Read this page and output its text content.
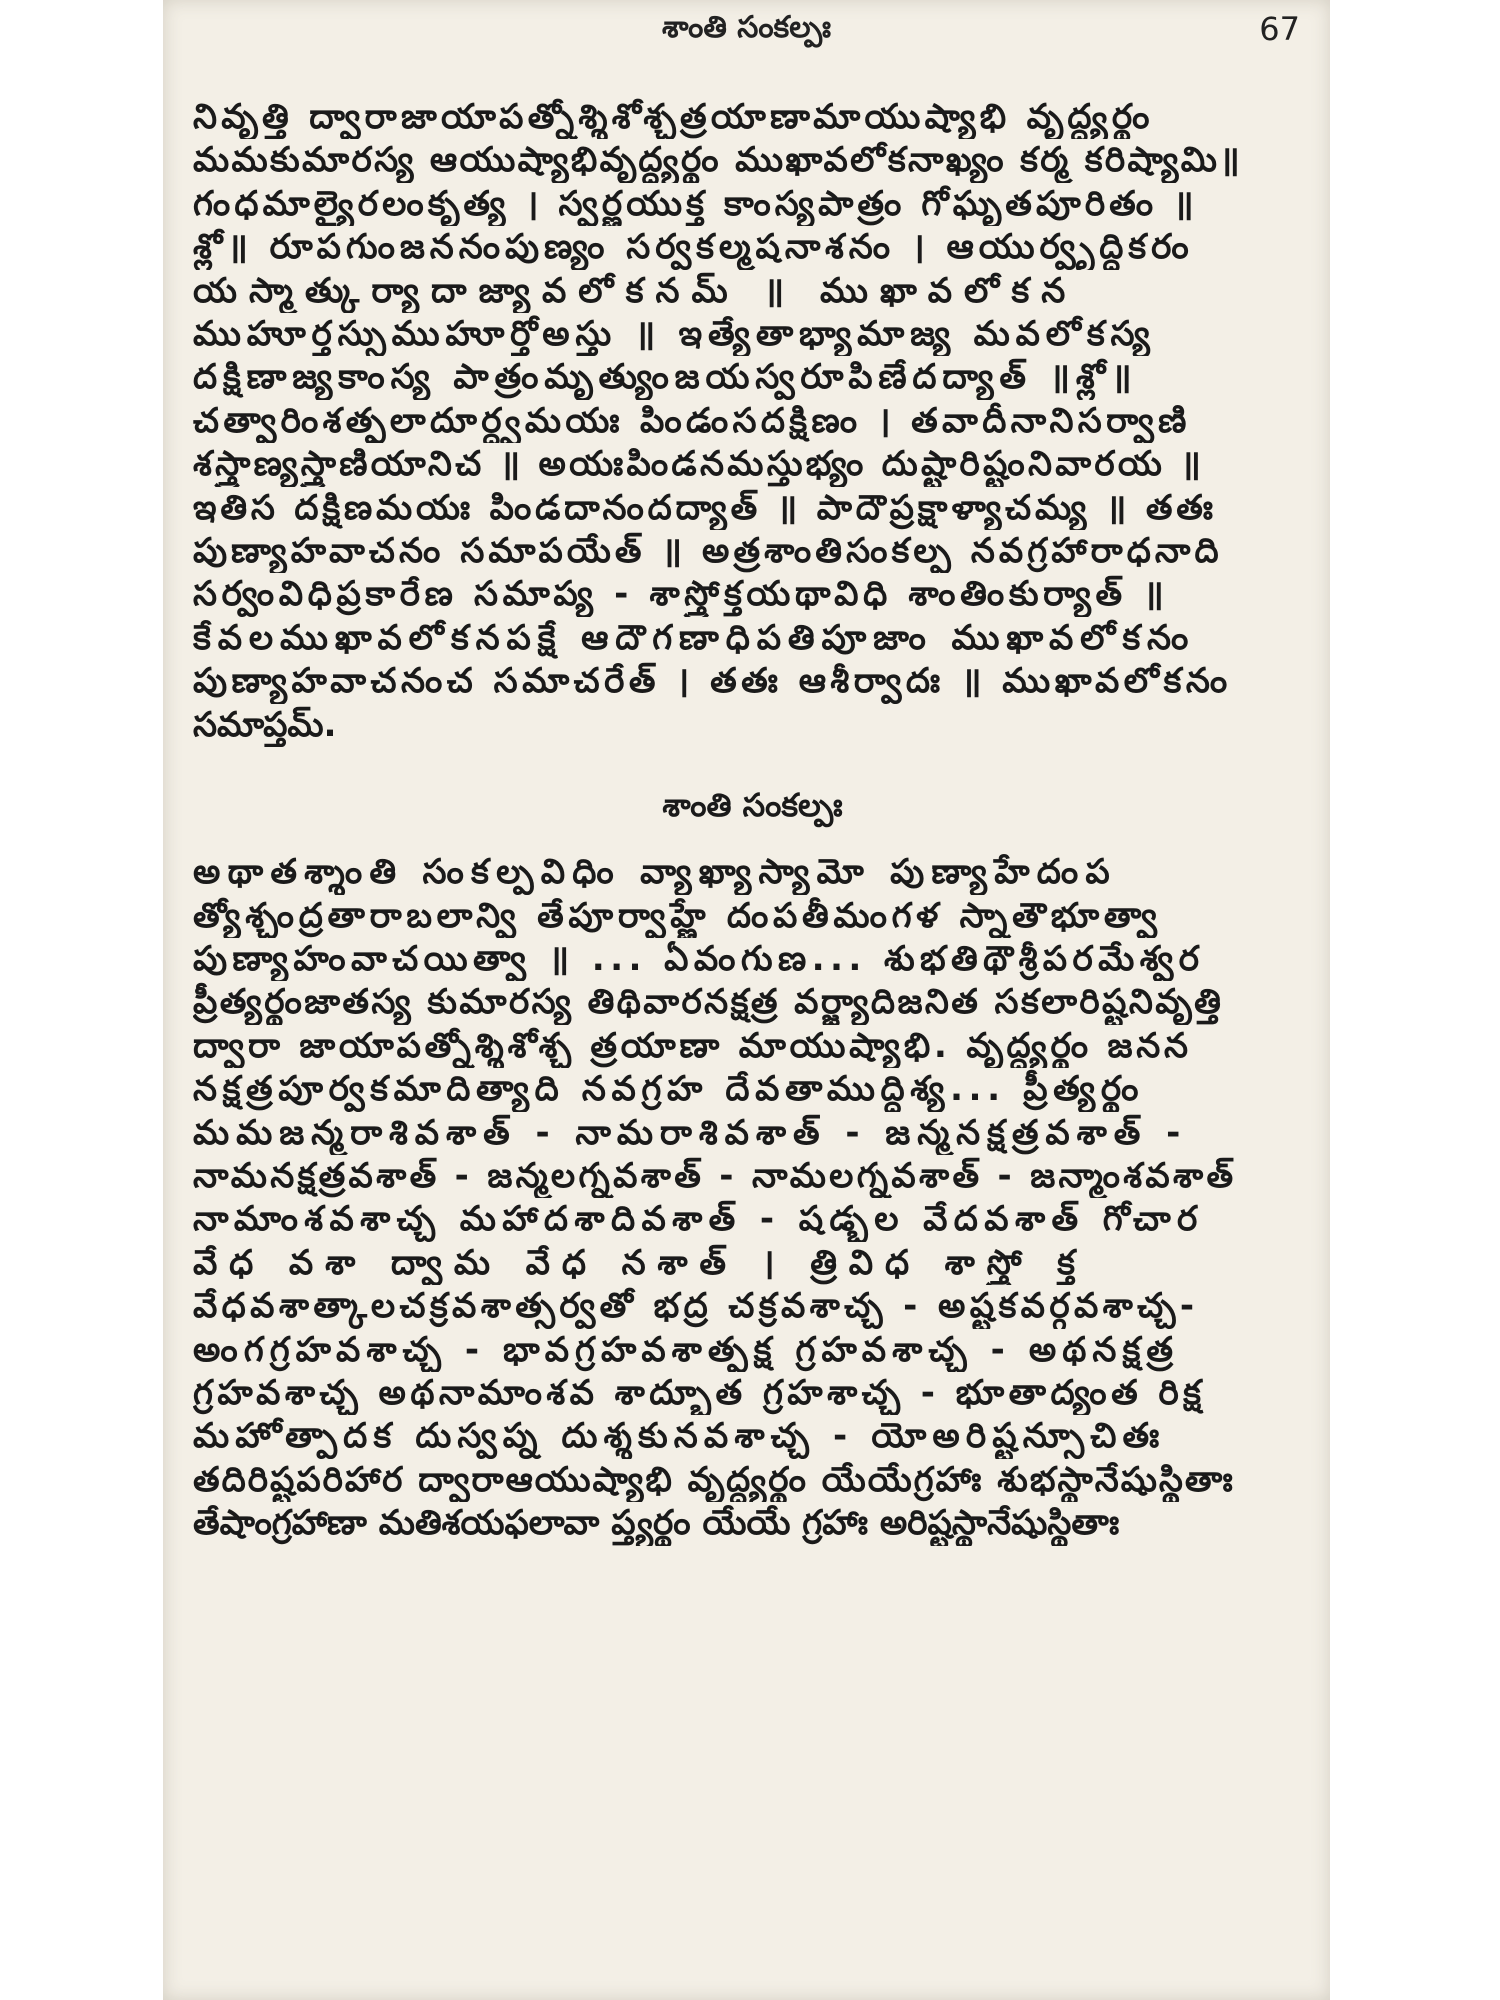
శాంతి సంకల్పః	67
నివృత్తి ద్వారాజాయాపత్నోశ్శిశోశ్చత్రయాణామాయుష్యాభి వృద్ధ్యర్థం
మమకుమారస్య ఆయుష్యాభివృద్ధ్యర్థం ముఖావలోకనాఖ్యం కర్మ కరిష్యామి॥
గంధమాల్యైరలంకృత్య । స్వర్ణయుక్త కాంస్యపాత్రం గోఘృతపూరితం ॥
శ్లో॥ రూపగుంజననంపుణ్యం సర్వకల్మషనాశనం । ఆయుర్వృద్ధికరం
యస్మాత్కుర్యాదాజ్యావలోకనమ్ ॥ ముఖావలోకన
ముహూర్తస్సుముహూర్తోఅస్తు ॥ ఇత్యేతాభ్యామాజ్య మవలోకస్య
దక్షిణాజ్యకాంస్య పాత్రంమృత్యుంజయస్వరూపిణేదద్యాత్ ॥శ్లో॥
చత్వారింశత్ఫలాదూర్ధ్వమయః పిండంసదక్షిణం । తవాదీనానిసర్వాణి
శస్త్రాణ్యస్త్రాణియానిచ ॥ అయఃపిండనమస్తుభ్యం దుష్టారిష్టంనివారయ ॥
ఇతిస దక్షిణమయః పిండదానందద్యాత్ ॥ పాదౌప్రక్షాళ్యాచమ్య ॥ తతః
పుణ్యాహవాచనం సమాపయేత్ ॥ అత్రశాంతిసంకల్ప నవగ్రహారాధనాది
సర్వంవిధిప్రకారేణ సమాప్య - శాస్త్రోక్తయథావిధి శాంతింకుర్యాత్ ॥
కేవలముఖావలోకనపక్షే ఆదౌగణాధిపతిపూజాం ముఖావలోకనం
పుణ్యాహవాచనంచ సమాచరేత్ । తతః ఆశీర్వాదః ॥ ముఖావలోకనం
సమాప్తమ్.
శాంతి సంకల్పః
అథాతశ్శాంతి సంకల్పవిధిం వ్యాఖ్యాస్యామో పుణ్యాహేదంప
త్యోశ్చంద్రతారాబలాన్వి తేపూర్వాహ్ణే దంపతీమంగళ స్నాతౌభూత్వా
పుణ్యాహంవాచయిత్వా ॥ ... ఏవంగుణ... శుభతిథౌశ్రీపరమేశ్వర
ప్రీత్యర్థంజాతస్య కుమారస్య తిథివారనక్షత్ర వర్జ్యాదిజనిత సకలారిష్టనివృత్తి
ద్వారా జాయాపత్నోశ్శిశోశ్చ త్రయాణా మాయుష్యాభి. వృద్ధ్యర్థం జనన
నక్షత్రపూర్వకమాదిత్యాది నవగ్రహ దేవతాముద్దిశ్య... ప్రీత్యర్థం
మమజన్మరాశివశాత్ - నామరాశివశాత్ - జన్మనక్షత్రవశాత్ -
నామనక్షత్రవశాత్ - జన్మలగ్నవశాత్ - నామలగ్నవశాత్ - జన్మాంశవశాత్
నామాంశవశాచ్చ మహాదశాదివశాత్ - షడ్బల వేదవశాత్ గోచార
వేధ వశా ద్వామ వేధ నశాత్ । త్రివిధ శాస్త్రో క్త
వేధవశాత్కాలచక్రవశాత్సర్వతో భద్ర చక్రవశాచ్చ - అష్టకవర్గవశాచ్చ-
అంగగ్రహవశాచ్చ - భావగ్రహవశాత్పక్ష గ్రహవశాచ్చ - అథనక్షత్ర
గ్రహవశాచ్చ అథనామాంశవ శాద్భూత గ్రహశాచ్చ - భూతాద్యంత రిక్ష
మహోత్పాదక దుస్వప్న దుశ్శకునవశాచ్చ - యోఅరిష్టన్సూచితః
తదిరిష్టపరిహార ద్వారాఆయుష్యాభి వృద్ధ్యర్థం యేయేగ్రహాః శుభస్థానేషుస్థితాః
తేషాంగ్రహాణా మతిశయఫలావా ప్త్యర్థం యేయే గ్రహాః అరిష్టస్థానేషుస్థితాః
